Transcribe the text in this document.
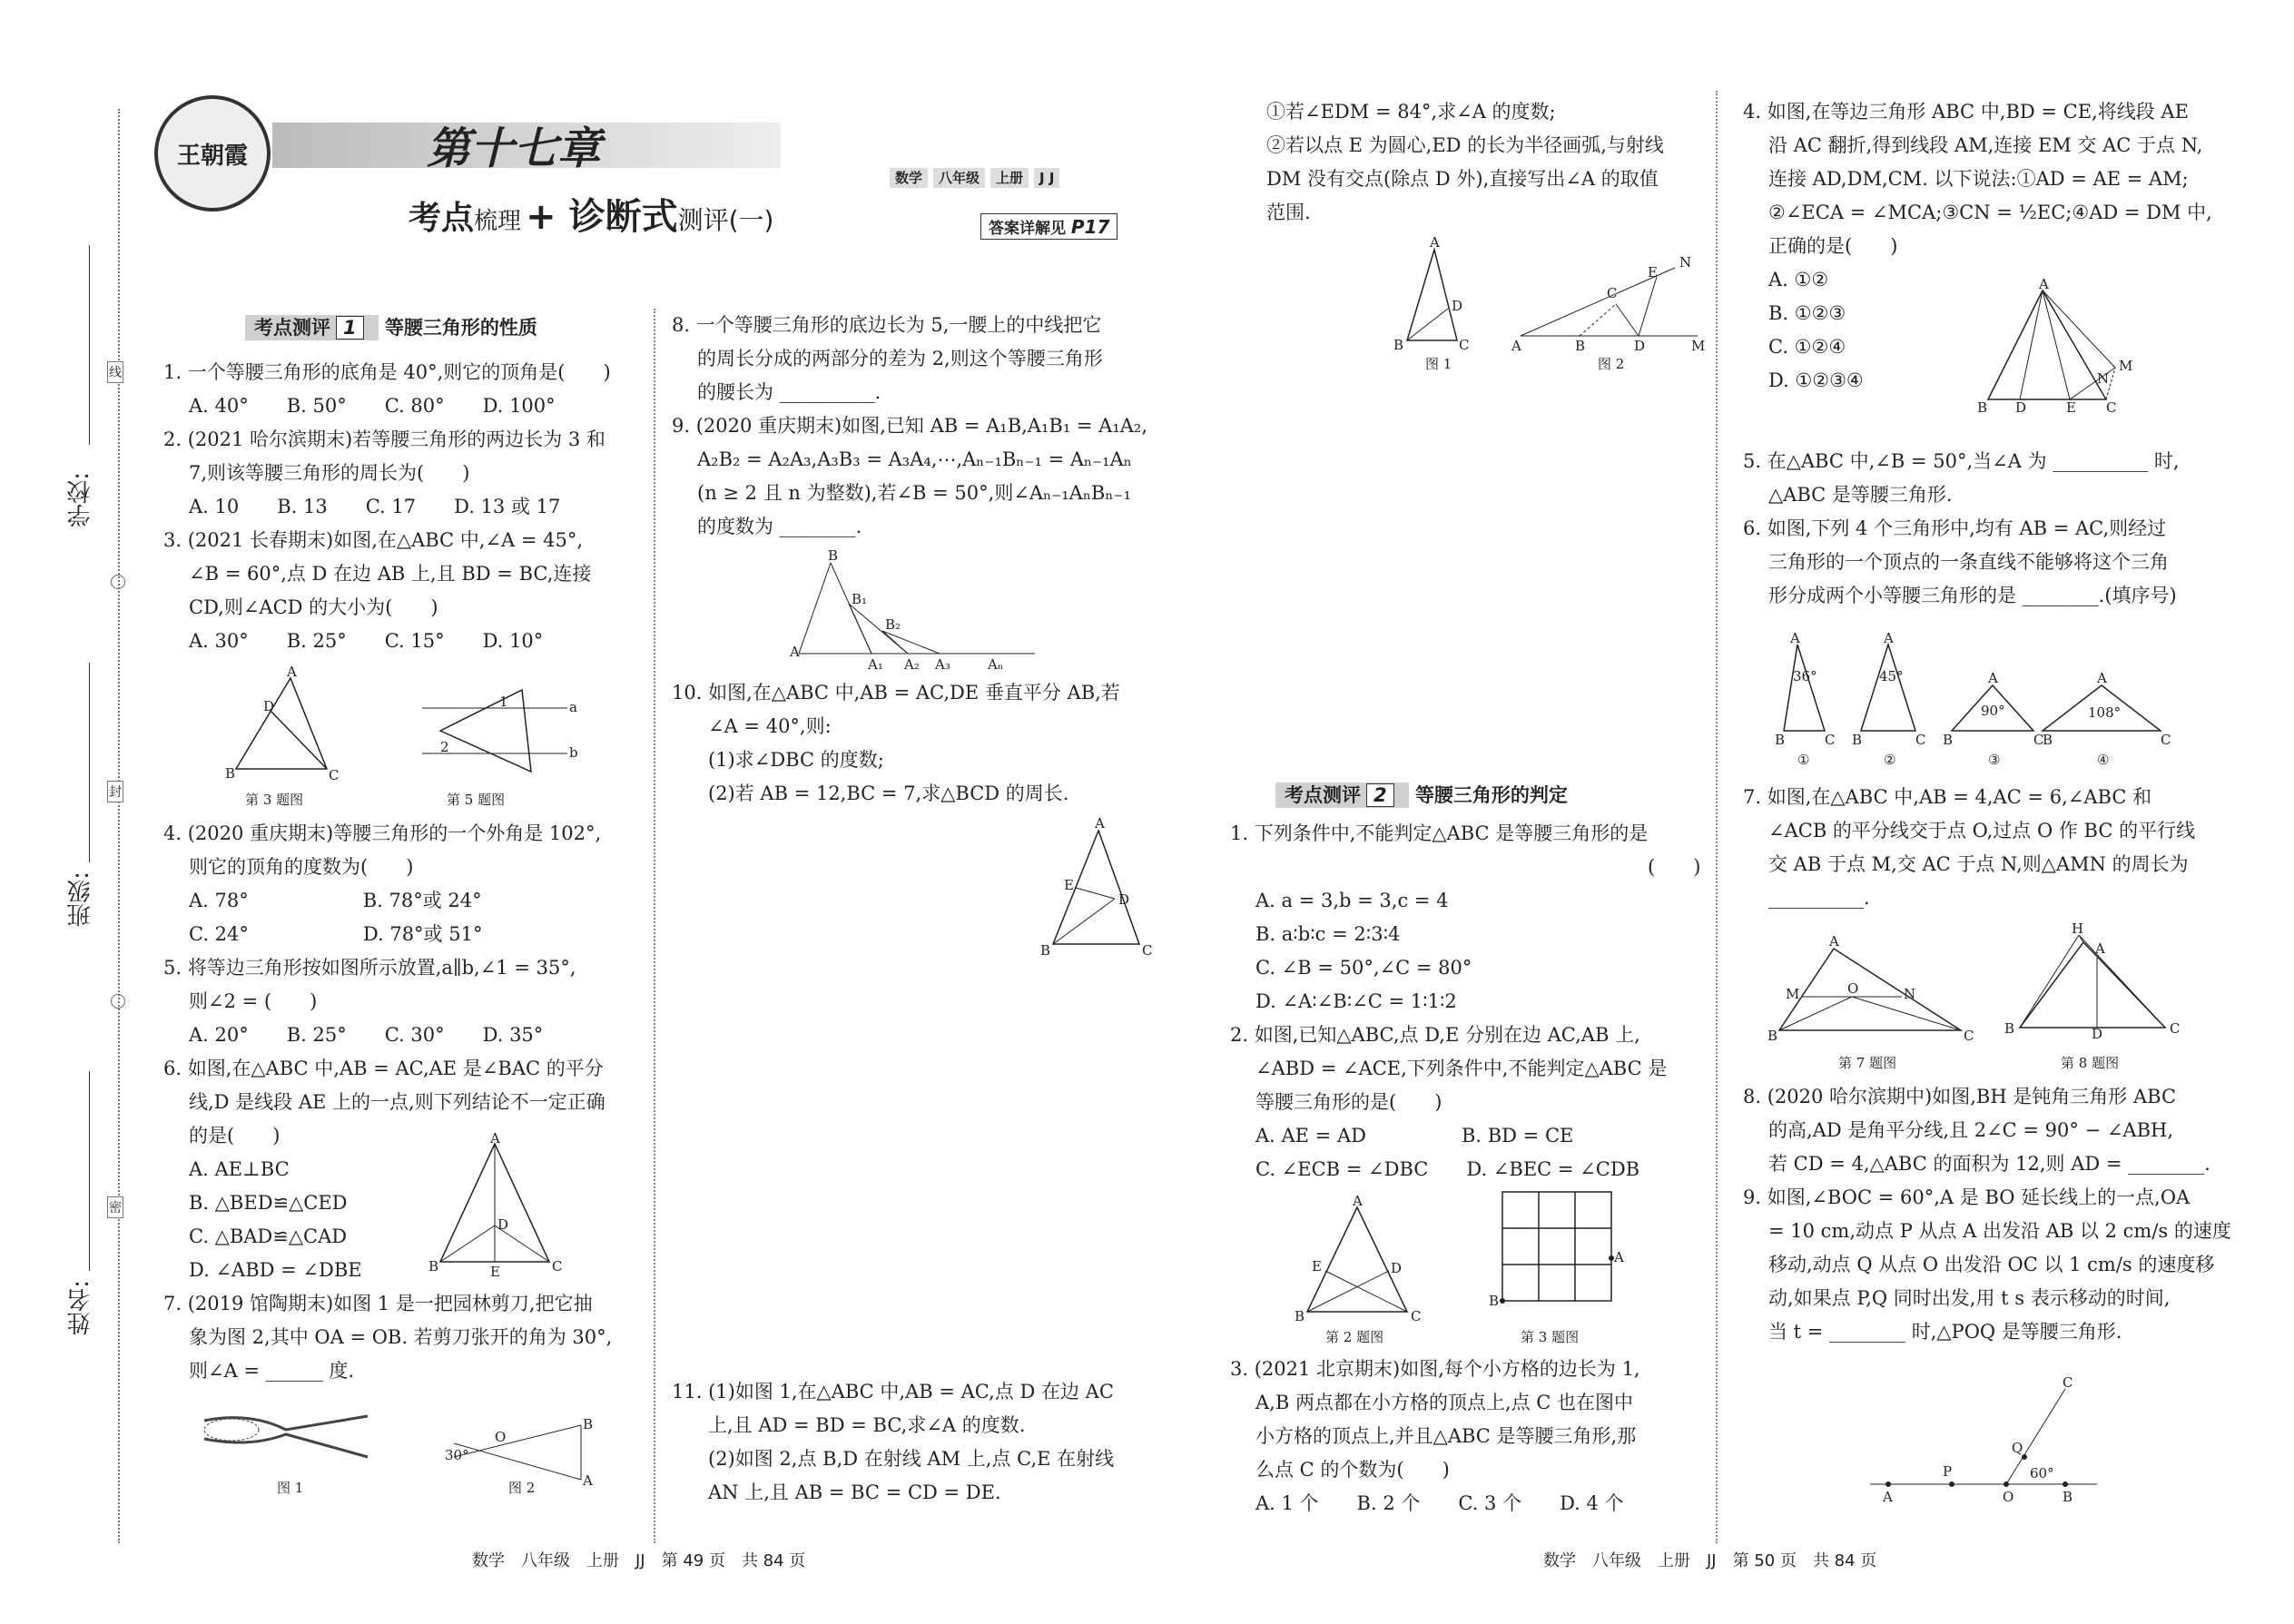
学校:
班级:
姓名:
线
封
密
王朝霞	第十七章
考点梳理 + 诊断式测评(一)
数学 八年级 上册 J J
答案详解见 P17
考点测评 1 等腰三角形的性质
1. 一个等腰三角形的底角是 40°,则它的顶角是(　　)
A. 40°　　B. 50°　　C. 80°　　D. 100°
2. (2021 哈尔滨期末)若等腰三角形的两边长为 3 和
7,则该等腰三角形的周长为(　　)
A. 10　　B. 13　　C. 17　　D. 13 或 17
3. (2021 长春期末)如图,在△ABC 中,∠A = 45°,
∠B = 60°,点 D 在边 AB 上,且 BD = BC,连接
CD,则∠ACD 的大小为(　　)
A. 30°　　B. 25°　　C. 15°　　D. 10°
A
D
B	C
第 3 题图
a
b
1
2
第 5 题图
4. (2020 重庆期末)等腰三角形的一个外角是 102°,
则它的顶角的度数为(　　)
A. 78°　　　　　　B. 78°或 24°
C. 24°　　　　　　D. 78°或 51°
5. 将等边三角形按如图所示放置,a∥b,∠1 = 35°,
则∠2 = (　　)
A. 20°　　B. 25°　　C. 30°　　D. 35°
6. 如图,在△ABC 中,AB = AC,AE 是∠BAC 的平分
线,D 是线段 AE 上的一点,则下列结论不一定正确
的是(　　)
A. AE⊥BC
B. △BED≌△CED
C. △BAD≌△CAD
D. ∠ABD = ∠DBE
7. (2019 馆陶期末)如图 1 是一把园林剪刀,把它抽
象为图 2,其中 OA = OB. 若剪刀张开的角为 30°,
则∠A = ______ 度.
A
D
B	C
E
图 1
O
30°
B
A
图 2
8. 一个等腰三角形的底边长为 5,一腰上的中线把它
的周长分成的两部分的差为 2,则这个等腰三角形
的腰长为 __________.
9. (2020 重庆期末)如图,已知 AB = A₁B,A₁B₁ = A₁A₂,
A₂B₂ = A₂A₃,A₃B₃ = A₃A₄,⋯,Aₙ₋₁Bₙ₋₁ = Aₙ₋₁Aₙ
(n ≥ 2 且 n 为整数),若∠B = 50°,则∠Aₙ₋₁AₙBₙ₋₁
的度数为 ________.
A
B
B₁
B₂
A₁ A₂ A₃	Aₙ
10. 如图,在△ABC 中,AB = AC,DE 垂直平分 AB,若
∠A = 40°,则:
(1)求∠DBC 的度数;
(2)若 AB = 12,BC = 7,求△BCD 的周长.
A
E
D
B	C
11. (1)如图 1,在△ABC 中,AB = AC,点 D 在边 AC
上,且 AD = BD = BC,求∠A 的度数.
(2)如图 2,点 B,D 在射线 AM 上,点 C,E 在射线
AN 上,且 AB = BC = CD = DE.
①若∠EDM = 84°,求∠A 的度数;
②若以点 E 为圆心,ED 的长为半径画弧,与射线
DM 没有交点(除点 D 外),直接写出∠A 的取值
范围.
A
D
B	C
图 1
A	B
C
D
E
N
M
图 2
考点测评 2 等腰三角形的判定
1. 下列条件中,不能判定△ABC 是等腰三角形的是
(　　)
A. a = 3,b = 3,c = 4
B. a∶b∶c = 2∶3∶4
C. ∠B = 50°,∠C = 80°
D. ∠A∶∠B∶∠C = 1∶1∶2
2. 如图,已知△ABC,点 D,E 分别在边 AC,AB 上,
∠ABD = ∠ACE,下列条件中,不能判定△ABC 是
等腰三角形的是(　　)
A. AE = AD　　　　　B. BD = CE
C. ∠ECB = ∠DBC　　D. ∠BEC = ∠CDB
A
E	D
B	C
第 2 题图
A
B
第 3 题图
3. (2021 北京期末)如图,每个小方格的边长为 1,
A,B 两点都在小方格的顶点上,点 C 也在图中
小方格的顶点上,并且△ABC 是等腰三角形,那
么点 C 的个数为(　　)
A. 1 个　　B. 2 个　　C. 3 个　　D. 4 个
4. 如图,在等边三角形 ABC 中,BD = CE,将线段 AE
沿 AC 翻折,得到线段 AM,连接 EM 交 AC 于点 N,
连接 AD,DM,CM. 以下说法:①AD = AE = AM;
②∠ECA = ∠MCA;③CN = ½EC;④AD = DM 中,
正确的是(　　)
A. ①②
B. ①②③
C. ①②④
D. ①②③④
A
B D	E C
M
N
5. 在△ABC 中,∠B = 50°,当∠A 为 __________ 时,
△ABC 是等腰三角形.
6. 如图,下列 4 个三角形中,均有 AB = AC,则经过
三角形的一个顶点的一条直线不能够将这个三角
形分成两个小等腰三角形的是 ________.(填序号)
A
36°
B	C
A
45°
B	C
A
90°
B	C
A
108°
B	C
①	②	③	④
7. 如图,在△ABC 中,AB = 4,AC = 6,∠ABC 和
∠ACB 的平分线交于点 O,过点 O 作 BC 的平行线
交 AB 于点 M,交 AC 于点 N,则△AMN 的周长为
__________.
A
M	O	N
B	C
第 7 题图
H
A
B	D	C
第 8 题图
8. (2020 哈尔滨期中)如图,BH 是钝角三角形 ABC
的高,AD 是角平分线,且 2∠C = 90° − ∠ABH,
若 CD = 4,△ABC 的面积为 12,则 AD = ________.
9. 如图,∠BOC = 60°,A 是 BO 延长线上的一点,OA
= 10 cm,动点 P 从点 A 出发沿 AB 以 2 cm/s 的速度
移动,动点 Q 从点 O 出发沿 OC 以 1 cm/s 的速度移
动,如果点 P,Q 同时出发,用 t s 表示移动的时间,
当 t = ________ 时,△POQ 是等腰三角形.
A
P
O	B
Q
60°
C
数学　八年级　上册　JJ　第 49 页　共 84 页	数学　八年级　上册　JJ　第 50 页　共 84 页
